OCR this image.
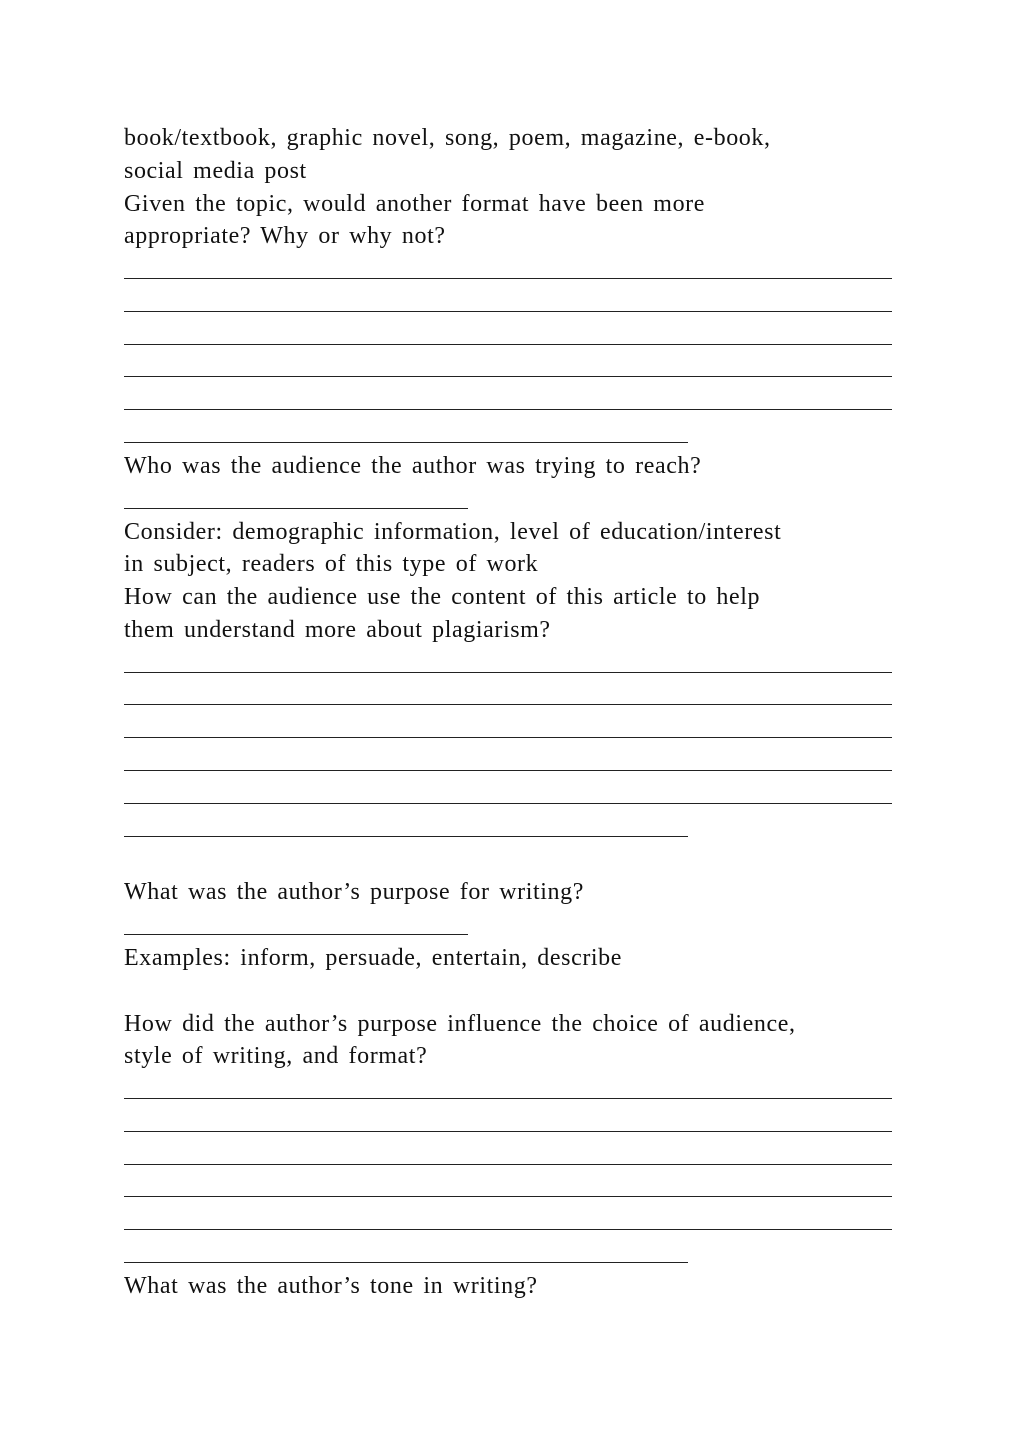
book/textbook, graphic novel, song, poem, magazine, e-book,
social media post
Given the topic, would another format have been more
appropriate? Why or why not?
Who was the audience the author was trying to reach?
Consider: demographic information, level of education/interest
in subject, readers of this type of work
How can the audience use the content of this article to help
them understand more about plagiarism?
What was the author’s purpose for writing?
Examples: inform, persuade, entertain, describe
How did the author’s purpose influence the choice of audience,
style of writing, and format?
What was the author’s tone in writing?
